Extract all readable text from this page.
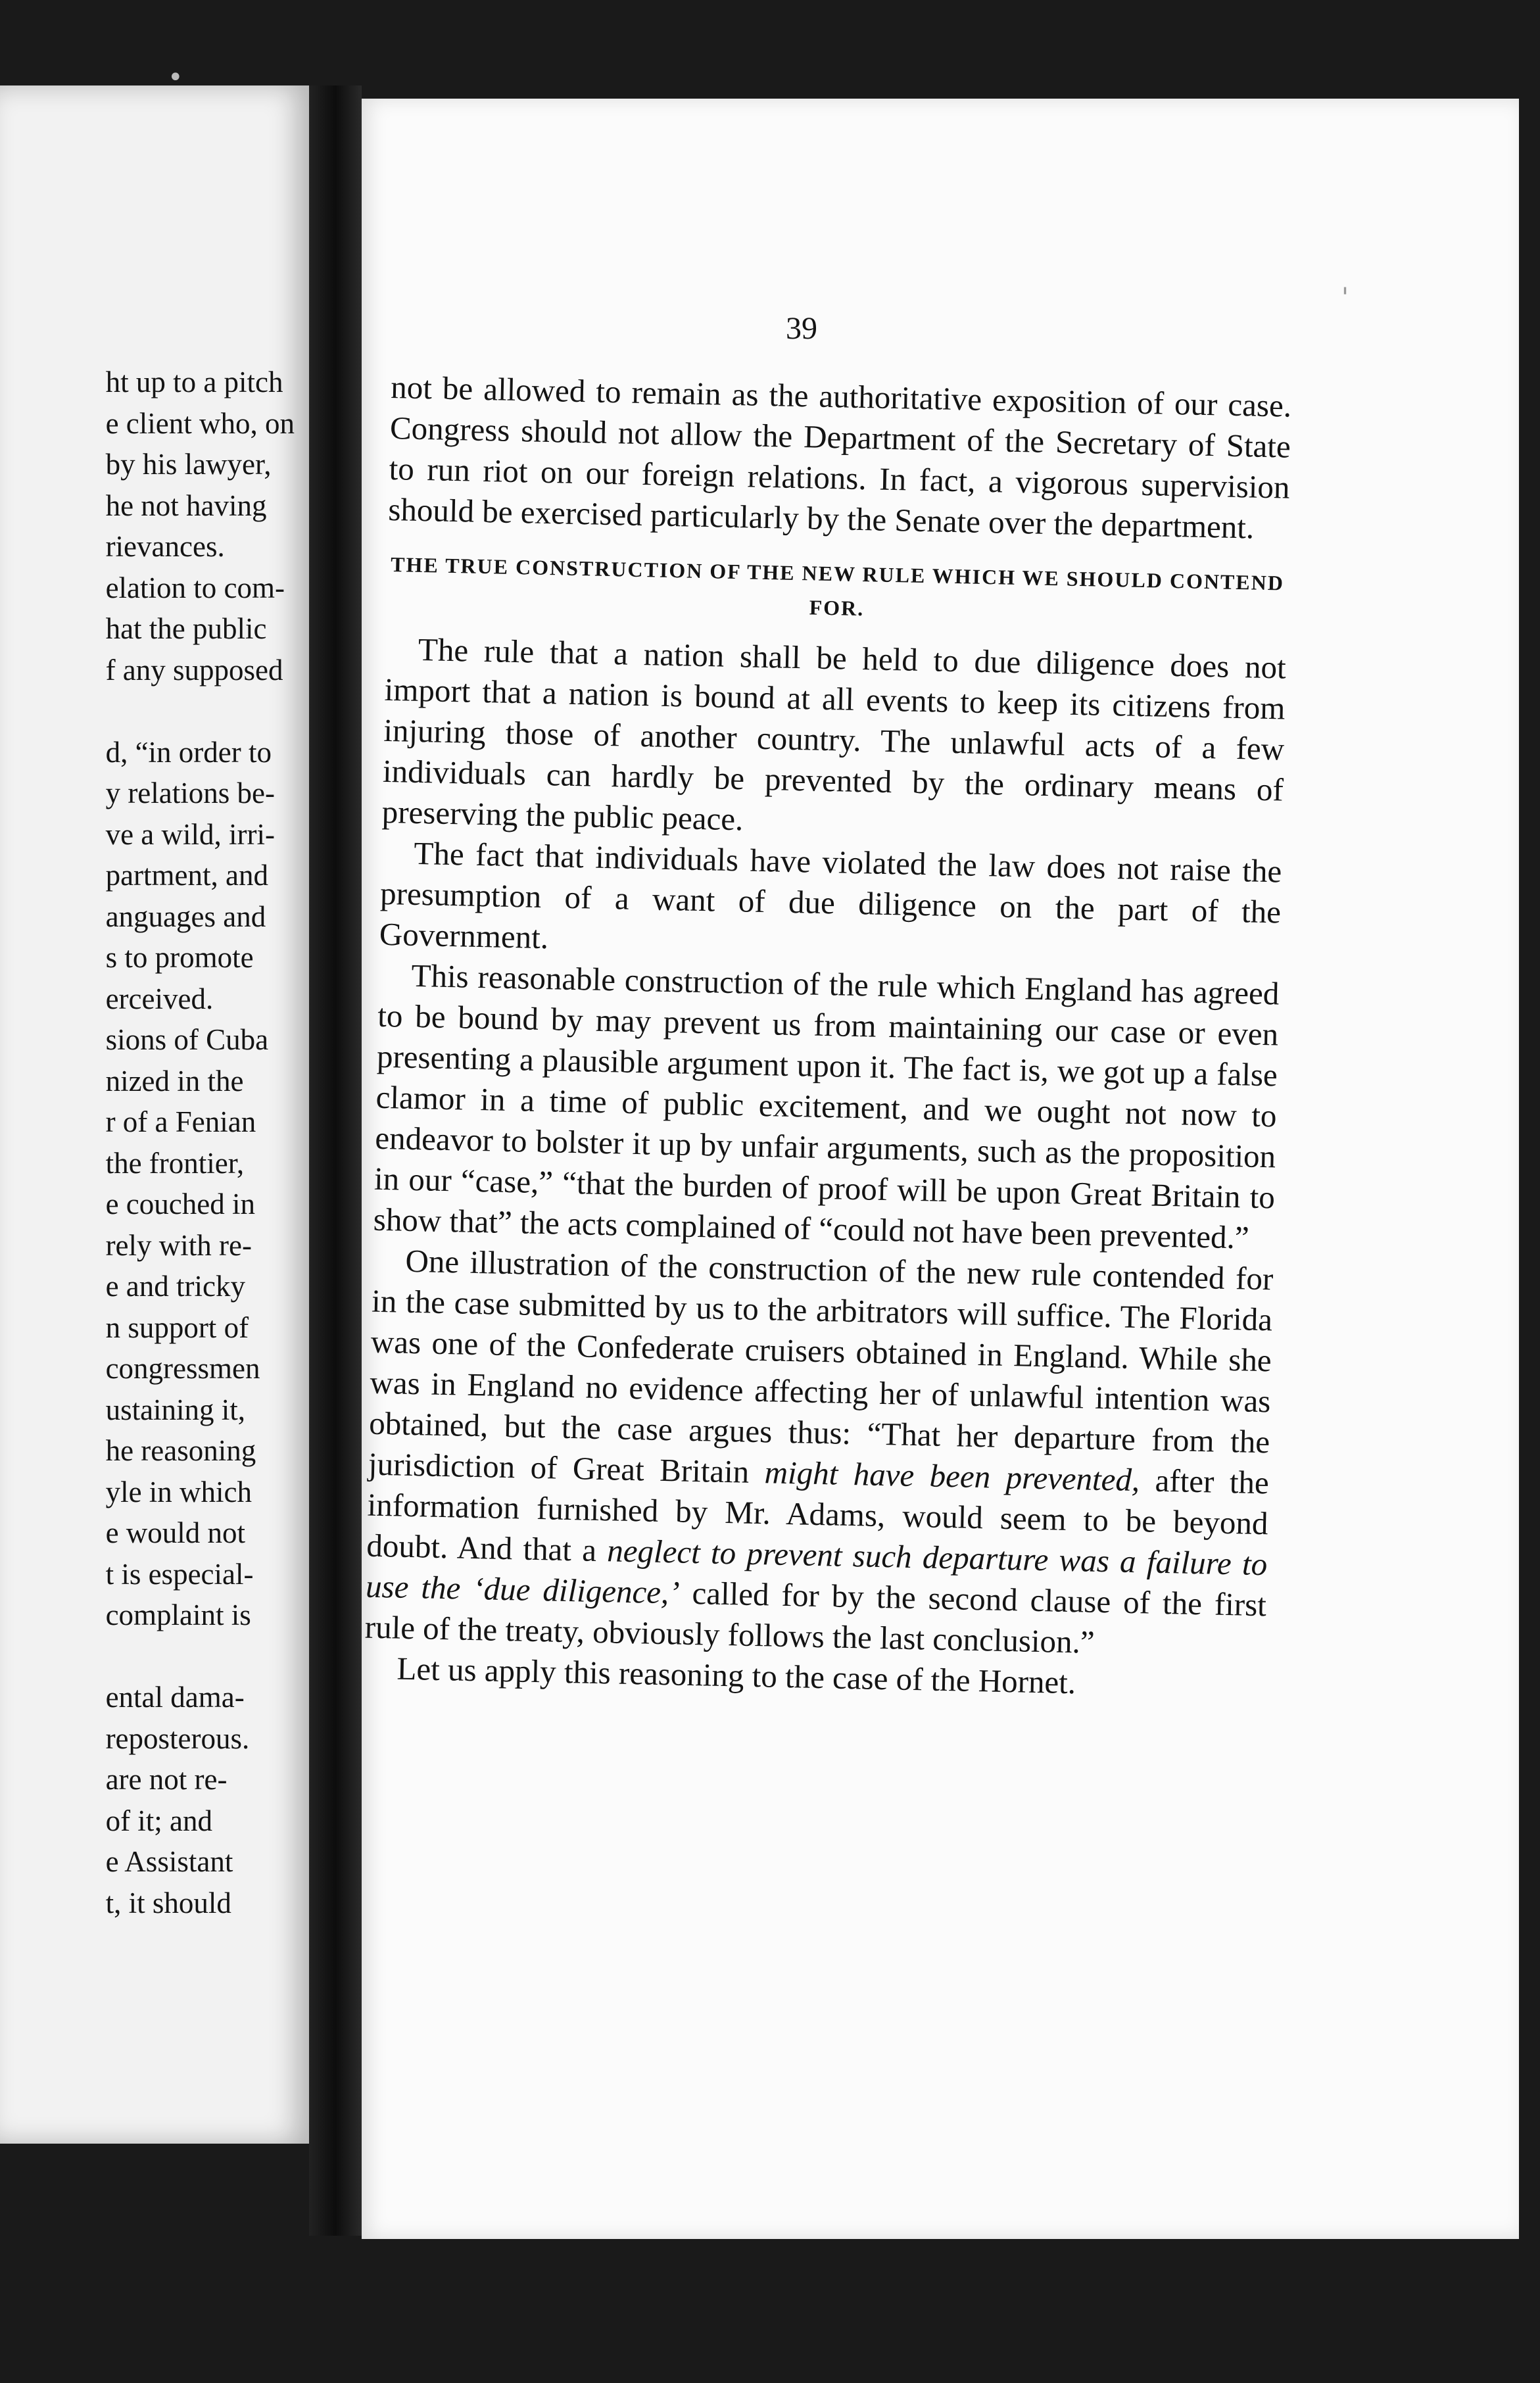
ht up to a pitch
e client who, on
by his lawyer,
he not having
rievances.
elation to com-
hat the public
f any supposed

d, “in order to
y relations be-
ve a wild, irri-
partment, and
anguages and
s to promote
erceived.
sions of Cuba
nized in the
r of a Fenian
the frontier,
e couched in
rely with re-
e and tricky
n support of
congressmen
ustaining it,
he reasoning
yle in which
e would not
t is especial-
complaint is

ental dama-
reposterous.
are not re-
of it; and
e Assistant
t, it should
39

not be allowed to remain as the authoritative exposition of our case. Congress should not allow the Department of the Secretary of State to run riot on our foreign relations. In fact, a vigorous supervision should be exercised particularly by the Senate over the department.

THE TRUE CONSTRUCTION OF THE NEW RULE WHICH WE SHOULD CONTEND FOR.

The rule that a nation shall be held to due diligence does not import that a nation is bound at all events to keep its citizens from injuring those of another country. The unlawful acts of a few individuals can hardly be prevented by the ordinary means of preserving the public peace.

The fact that individuals have violated the law does not raise the presumption of a want of due diligence on the part of the Government.

This reasonable construction of the rule which England has agreed to be bound by may prevent us from maintaining our case or even presenting a plausible argument upon it. The fact is, we got up a false clamor in a time of public excitement, and we ought not now to endeavor to bolster it up by unfair arguments, such as the proposition in our “case,” “that the burden of proof will be upon Great Britain to show that” the acts complained of “could not have been prevented.”

One illustration of the construction of the new rule contended for in the case submitted by us to the arbitrators will suffice. The Florida was one of the Confederate cruisers obtained in England. While she was in England no evidence affecting her of unlawful intention was obtained, but the case argues thus: “That her departure from the jurisdiction of Great Britain might have been prevented, after the information furnished by Mr. Adams, would seem to be beyond doubt. And that a neglect to prevent such departure was a failure to use the ‘due diligence,’ called for by the second clause of the first rule of the treaty, obviously follows the last conclusion.”

Let us apply this reasoning to the case of the Hornet.

•
'
